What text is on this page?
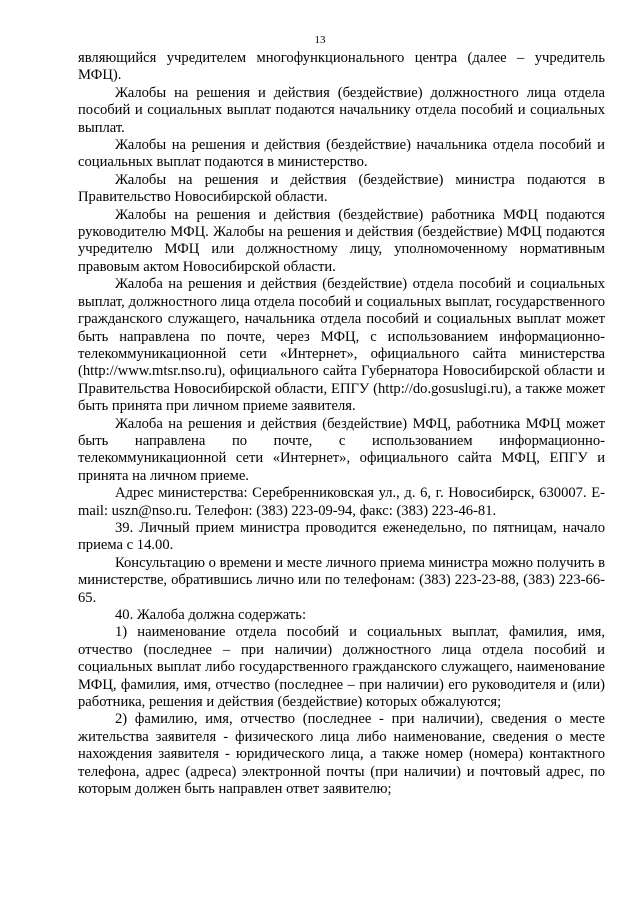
13

являющийся учредителем многофункционального центра (далее – учредитель МФЦ).

Жалобы на решения и действия (бездействие) должностного лица отдела пособий и социальных выплат подаются начальнику отдела пособий и социальных выплат.

Жалобы на решения и действия (бездействие) начальника отдела пособий и социальных выплат подаются в министерство.

Жалобы на решения и действия (бездействие) министра подаются в Правительство Новосибирской области.

Жалобы на решения и действия (бездействие) работника МФЦ подаются руководителю МФЦ. Жалобы на решения и действия (бездействие) МФЦ подаются учредителю МФЦ или должностному лицу, уполномоченному нормативным правовым актом Новосибирской области.

Жалоба на решения и действия (бездействие) отдела пособий и социальных выплат, должностного лица отдела пособий и социальных выплат, государственного гражданского служащего, начальника отдела пособий и социальных выплат может быть направлена по почте, через МФЦ, с использованием информационно-телекоммуникационной сети «Интернет», официального сайта министерства (http://www.mtsr.nso.ru), официального сайта Губернатора Новосибирской области и Правительства Новосибирской области, ЕПГУ (http://do.gosuslugi.ru), а также может быть принята при личном приеме заявителя.

Жалоба на решения и действия (бездействие) МФЦ, работника МФЦ может быть направлена по почте, с использованием информационно-телекоммуникационной сети «Интернет», официального сайта МФЦ, ЕПГУ и принята на личном приеме.

Адрес министерства: Серебренниковская ул., д. 6, г. Новосибирск, 630007. E-mail: uszn@nso.ru. Телефон: (383) 223-09-94, факс: (383) 223-46-81.

39. Личный прием министра проводится еженедельно, по пятницам, начало приема с 14.00.

Консультацию о времени и месте личного приема министра можно получить в министерстве, обратившись лично или по телефонам: (383) 223-23-88, (383) 223-66-65.

40. Жалоба должна содержать:

1) наименование отдела пособий и социальных выплат, фамилия, имя, отчество (последнее – при наличии) должностного лица отдела пособий и социальных выплат либо государственного гражданского служащего, наименование МФЦ, фамилия, имя, отчество (последнее – при наличии) его руководителя и (или) работника, решения и действия (бездействие) которых обжалуются;

2) фамилию, имя, отчество (последнее - при наличии), сведения о месте жительства заявителя - физического лица либо наименование, сведения о месте нахождения заявителя - юридического лица, а также номер (номера) контактного телефона, адрес (адреса) электронной почты (при наличии) и почтовый адрес, по которым должен быть направлен ответ заявителю;
